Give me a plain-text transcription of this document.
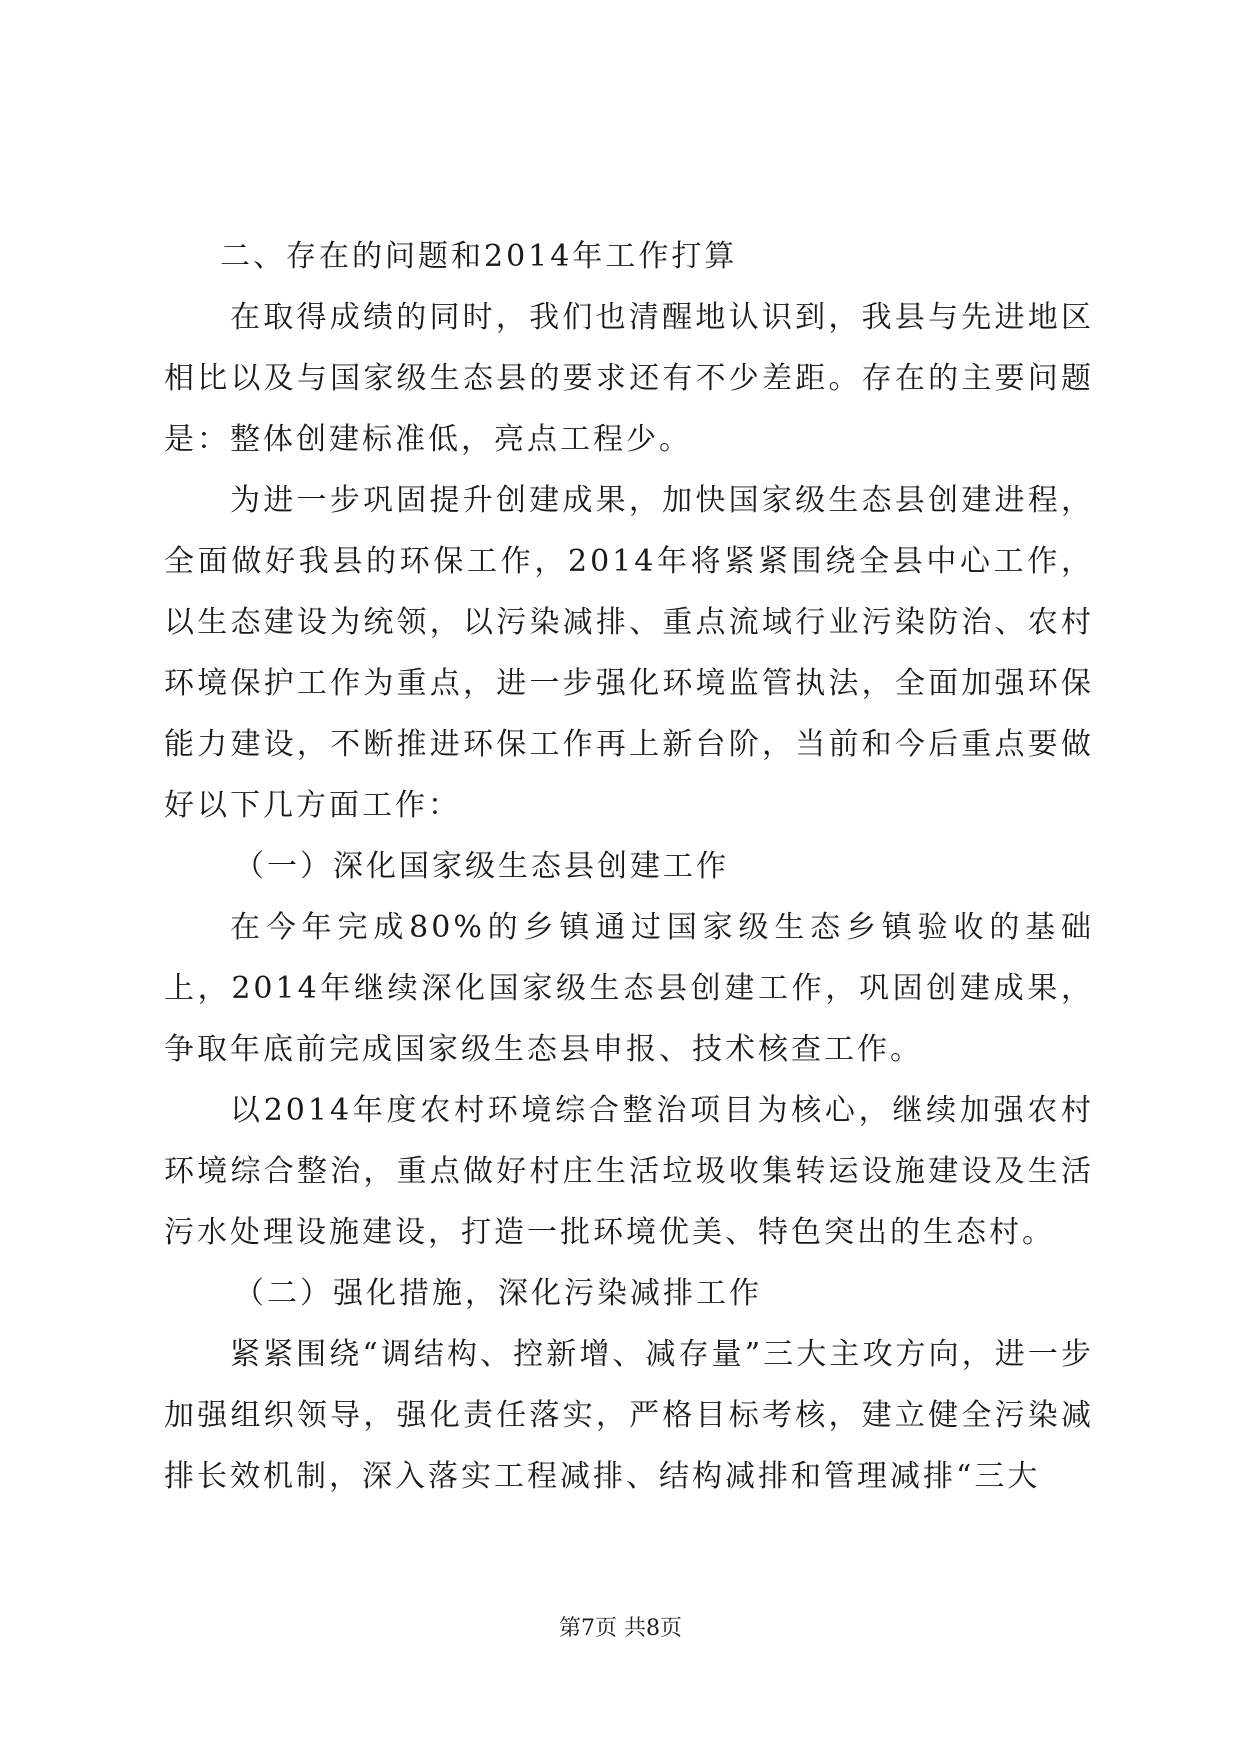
二、存在的问题和2014年工作打算

在取得成绩的同时，我们也清醒地认识到，我县与先进地区相比以及与国家级生态县的要求还有不少差距。存在的主要问题是：整体创建标准低，亮点工程少。

为进一步巩固提升创建成果，加快国家级生态县创建进程，全面做好我县的环保工作，2014年将紧紧围绕全县中心工作，以生态建设为统领，以污染减排、重点流域行业污染防治、农村环境保护工作为重点，进一步强化环境监管执法，全面加强环保能力建设，不断推进环保工作再上新台阶，当前和今后重点要做好以下几方面工作：

（一）深化国家级生态县创建工作

在今年完成80%的乡镇通过国家级生态乡镇验收的基础上，2014年继续深化国家级生态县创建工作，巩固创建成果，争取年底前完成国家级生态县申报、技术核查工作。

以2014年度农村环境综合整治项目为核心，继续加强农村环境综合整治，重点做好村庄生活垃圾收集转运设施建设及生活污水处理设施建设，打造一批环境优美、特色突出的生态村。

（二）强化措施，深化污染减排工作

紧紧围绕“调结构、控新增、减存量”三大主攻方向，进一步加强组织领导，强化责任落实，严格目标考核，建立健全污染减排长效机制，深入落实工程减排、结构减排和管理减排“三大

第7页 共8页
